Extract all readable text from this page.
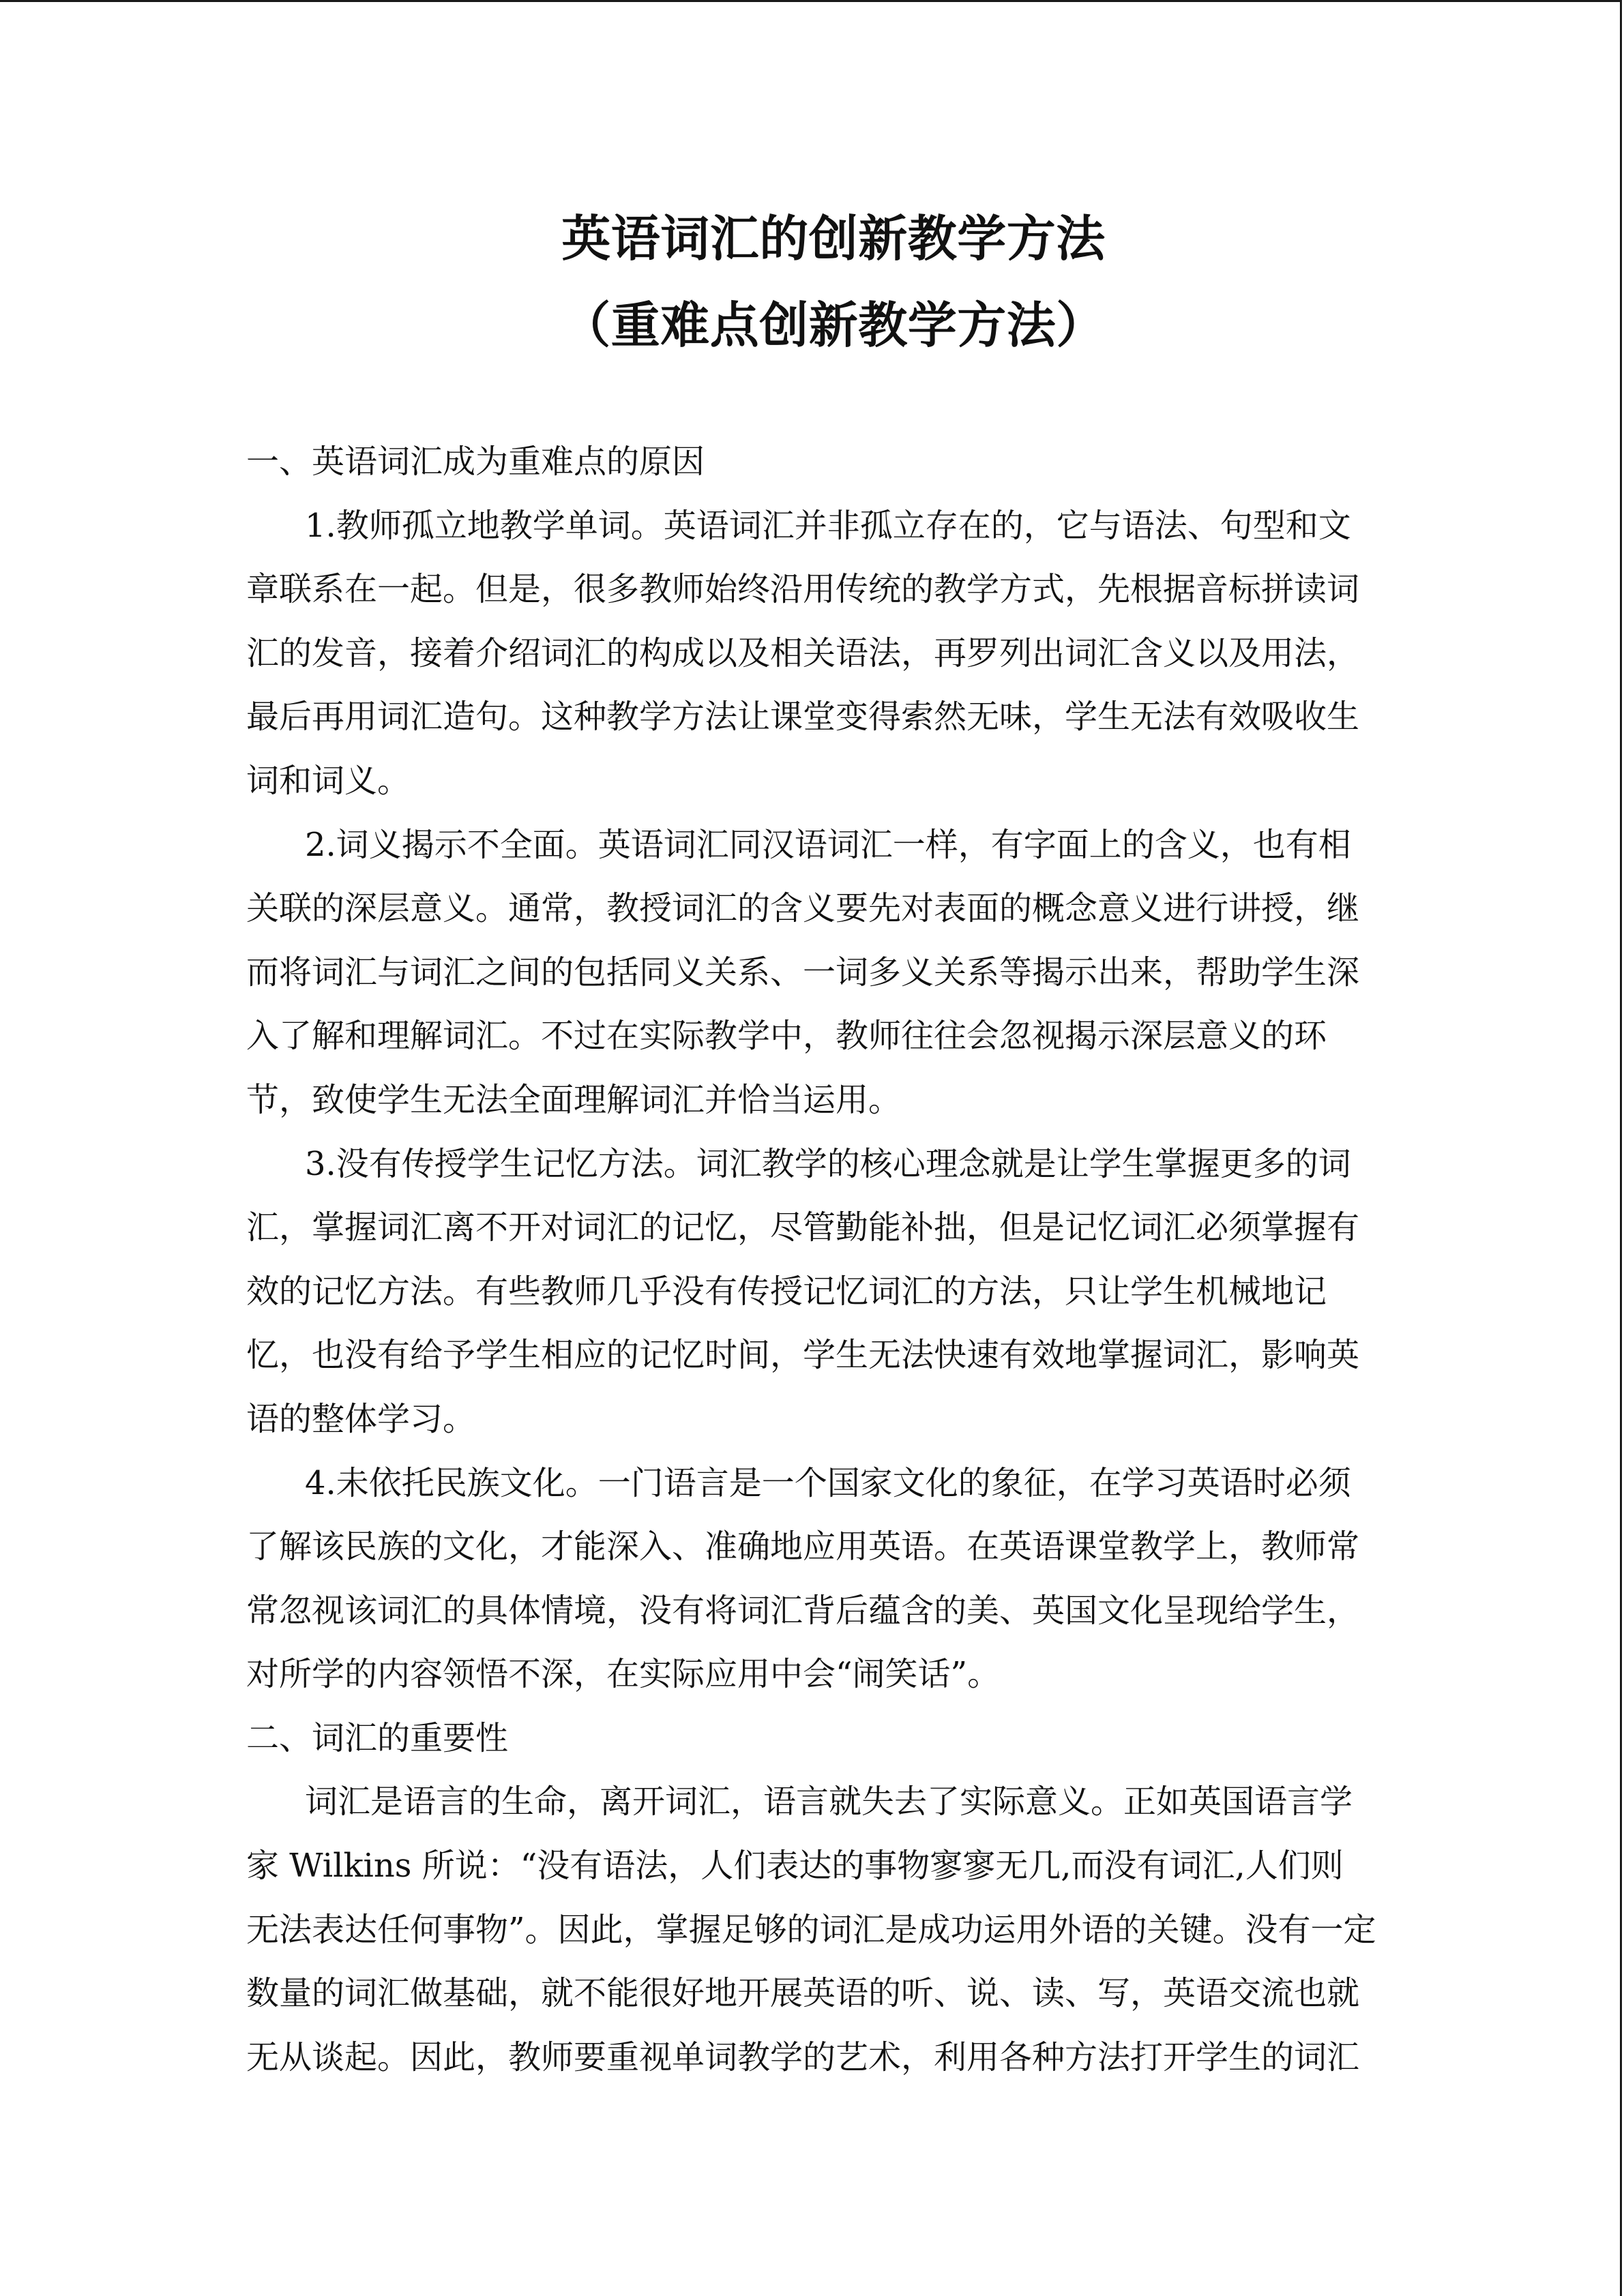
英语词汇的创新教学方法
（重难点创新教学方法）
一、英语词汇成为重难点的原因
1.教师孤立地教学单词。英语词汇并非孤立存在的，它与语法、句型和文
章联系在一起。但是，很多教师始终沿用传统的教学方式，先根据音标拼读词
汇的发音，接着介绍词汇的构成以及相关语法，再罗列出词汇含义以及用法，
最后再用词汇造句。这种教学方法让课堂变得索然无味，学生无法有效吸收生
词和词义。
2.词义揭示不全面。英语词汇同汉语词汇一样，有字面上的含义，也有相
关联的深层意义。通常，教授词汇的含义要先对表面的概念意义进行讲授，继
而将词汇与词汇之间的包括同义关系、一词多义关系等揭示出来，帮助学生深
入了解和理解词汇。不过在实际教学中，教师往往会忽视揭示深层意义的环
节，致使学生无法全面理解词汇并恰当运用。
3.没有传授学生记忆方法。词汇教学的核心理念就是让学生掌握更多的词
汇，掌握词汇离不开对词汇的记忆，尽管勤能补拙，但是记忆词汇必须掌握有
效的记忆方法。有些教师几乎没有传授记忆词汇的方法，只让学生机械地记
忆，也没有给予学生相应的记忆时间，学生无法快速有效地掌握词汇，影响英
语的整体学习。
4.未依托民族文化。一门语言是一个国家文化的象征，在学习英语时必须
了解该民族的文化，才能深入、准确地应用英语。在英语课堂教学上，教师常
常忽视该词汇的具体情境，没有将词汇背后蕴含的美、英国文化呈现给学生，
对所学的内容领悟不深，在实际应用中会“闹笑话”。
二、词汇的重要性
词汇是语言的生命，离开词汇，语言就失去了实际意义。正如英国语言学
家 Wilkins 所说：“没有语法，人们表达的事物寥寥无几,而没有词汇,人们则
无法表达任何事物”。因此，掌握足够的词汇是成功运用外语的关键。没有一定
数量的词汇做基础，就不能很好地开展英语的听、说、读、写，英语交流也就
无从谈起。因此，教师要重视单词教学的艺术，利用各种方法打开学生的词汇
